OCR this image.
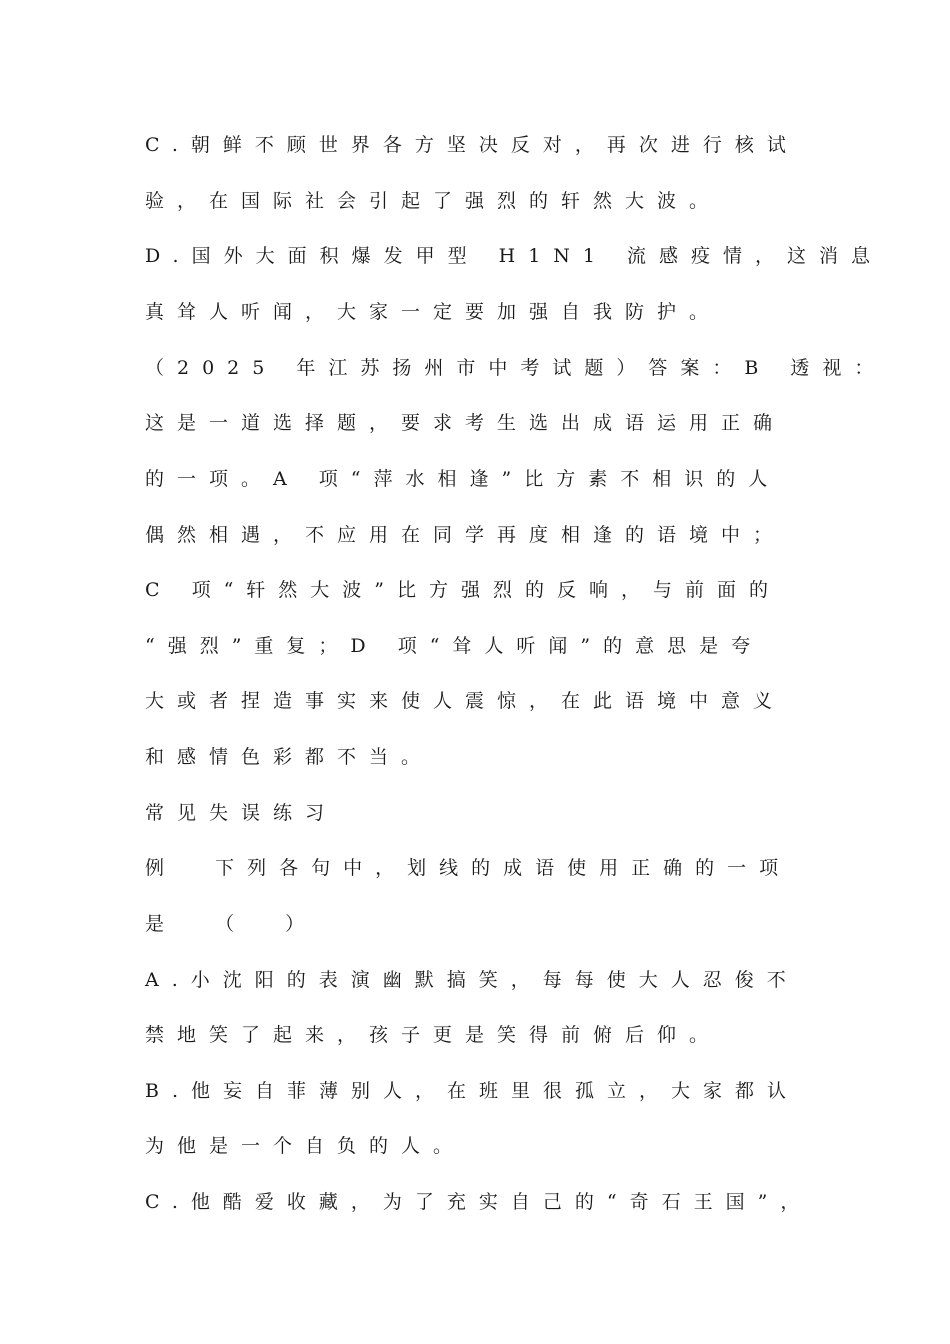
C.朝鲜不顾世界各方坚决反对，再次进行核试
验，在国际社会引起了强烈的轩然大波。
D.国外大面积爆发甲型 H1N1 流感疫情，这消息
真耸人听闻，大家一定要加强自我防护。
（2025 年江苏扬州市中考试题）答案：B 透视：
这是一道选择题，要求考生选出成语运用正确
的一项。A 项“萍水相逢”比方素不相识的人
偶然相遇，不应用在同学再度相逢的语境中；
C 项“轩然大波”比方强烈的反响，与前面的
“强烈”重复；D 项“耸人听闻”的意思是夸
大或者捏造事实来使人震惊，在此语境中意义
和感情色彩都不当。
常见失误练习
例  下列各句中，划线的成语使用正确的一项
是  （  ）
A.小沈阳的表演幽默搞笑，每每使大人忍俊不
禁地笑了起来，孩子更是笑得前俯后仰。
B.他妄自菲薄别人，在班里很孤立，大家都认
为他是一个自负的人。
C.他酷爱收藏，为了充实自己的“奇石王国”，
